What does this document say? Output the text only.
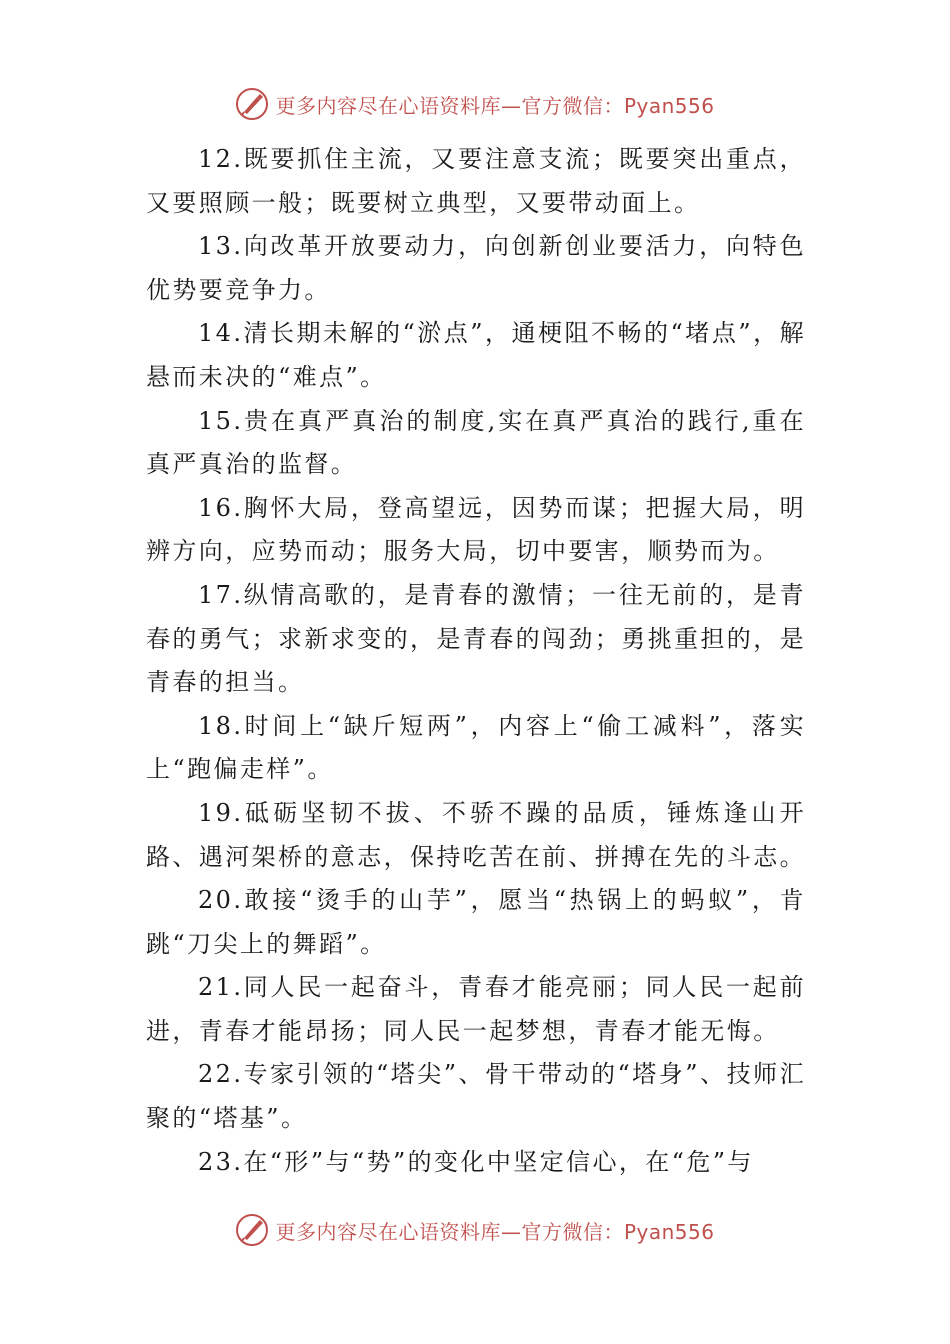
更多内容尽在心语资料库—官方微信：Pyan556

12.既要抓住主流，又要注意支流；既要突出重点，又要照顾一般；既要树立典型，又要带动面上。

13.向改革开放要动力，向创新创业要活力，向特色优势要竞争力。

14.清长期未解的“淤点”，通梗阻不畅的“堵点”，解悬而未决的“难点”。

15.贵在真严真治的制度,实在真严真治的践行,重在真严真治的监督。

16.胸怀大局，登高望远，因势而谋；把握大局，明辨方向，应势而动；服务大局，切中要害，顺势而为。

17.纵情高歌的，是青春的激情；一往无前的，是青春的勇气；求新求变的，是青春的闯劲；勇挑重担的，是青春的担当。

18.时间上“缺斤短两”，内容上“偷工减料”，落实上“跑偏走样”。

19.砥砺坚韧不拔、不骄不躁的品质，锤炼逢山开路、遇河架桥的意志，保持吃苦在前、拼搏在先的斗志。

20.敢接“烫手的山芋”，愿当“热锅上的蚂蚁”，肯跳“刀尖上的舞蹈”。

21.同人民一起奋斗，青春才能亮丽；同人民一起前进，青春才能昂扬；同人民一起梦想，青春才能无悔。

22.专家引领的“塔尖”、骨干带动的“塔身”、技师汇聚的“塔基”。

23.在“形”与“势”的变化中坚定信心，在“危”与

更多内容尽在心语资料库—官方微信：Pyan556
